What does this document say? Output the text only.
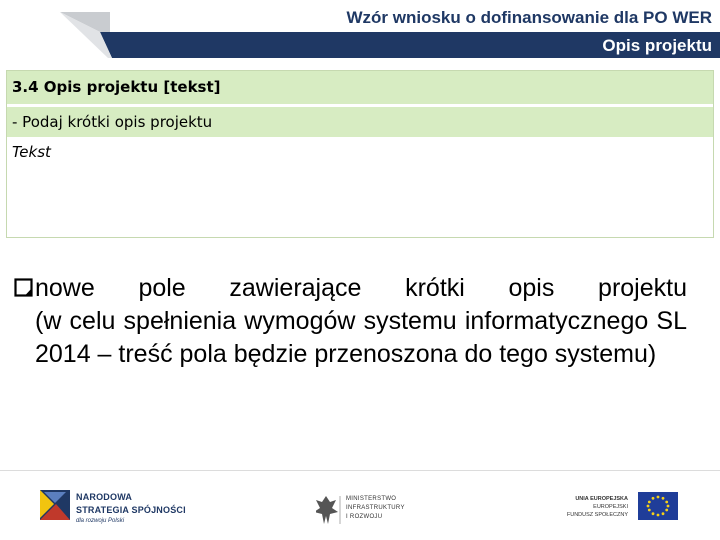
Wzór wniosku o dofinansowanie dla PO WER
Opis projektu
3.4 Opis projektu [tekst]
- Podaj krótki opis projektu
Tekst
nowe pole zawierające krótki opis projektu
(w celu spełnienia wymogów systemu informatycznego SL 2014 – treść pola będzie przenoszona do tego systemu)
NARODOWA
STRATEGIA SPÓJNOŚCI
dla rozwoju Polski
MINISTERSTWO
INFRASTRUKTURY
I ROZWOJU
UNIA EUROPEJSKA
EUROPEJSKI
FUNDUSZ SPOŁECZNY
